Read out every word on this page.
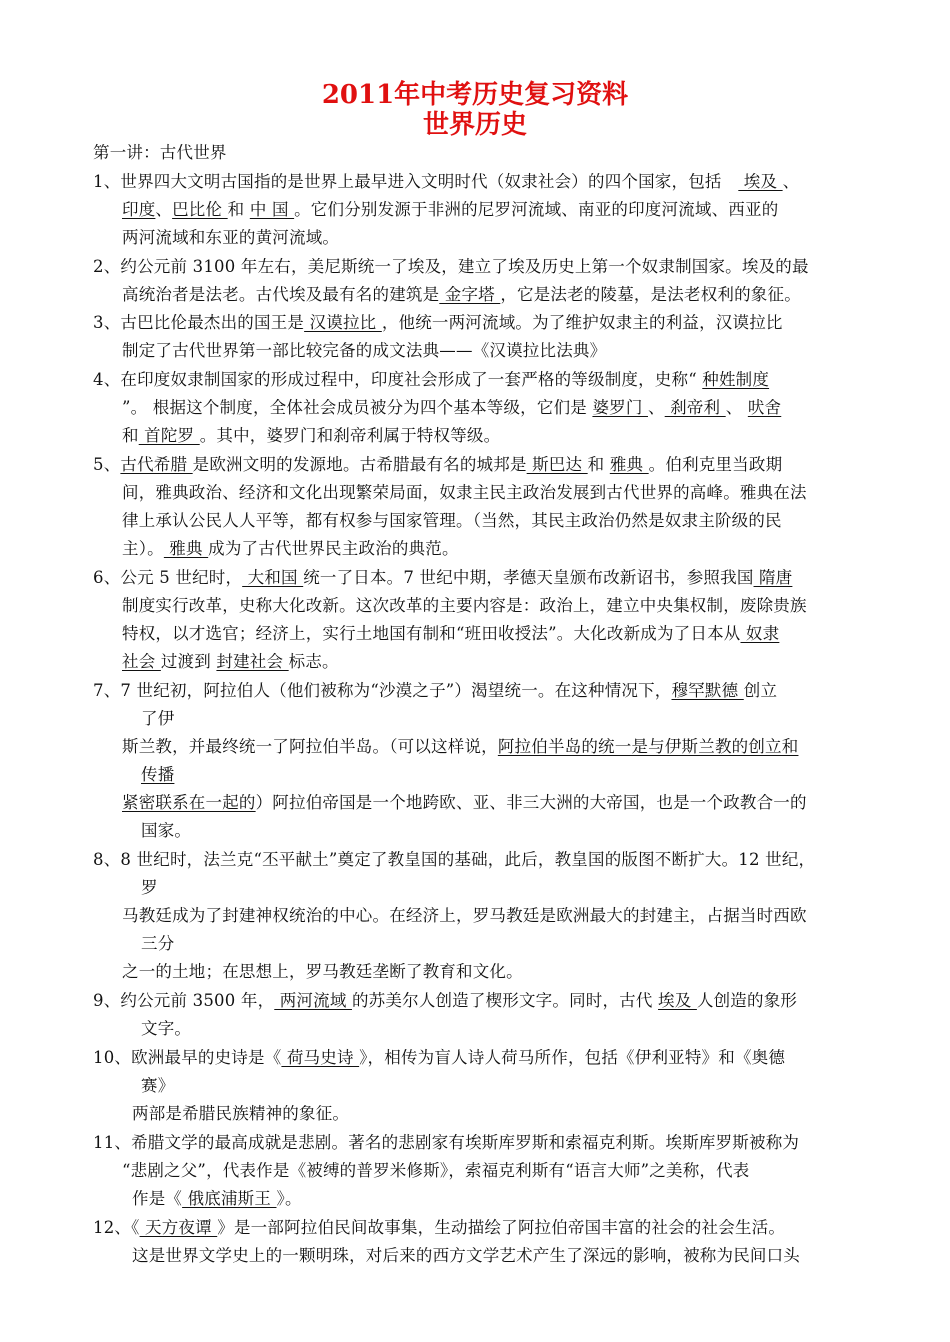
2011年中考历史复习资料
世界历史
第一讲：古代世界
1、世界四大文明古国指的是世界上最早进入文明时代（奴隶社会）的四个国家，包括　 埃及 、
印度、巴比伦 和 中 国 。它们分别发源于非洲的尼罗河流域、南亚的印度河流域、西亚的
两河流域和东亚的黄河流域。
2、约公元前 3100 年左右，美尼斯统一了埃及，建立了埃及历史上第一个奴隶制国家。埃及的最
高统治者是法老。古代埃及最有名的建筑是 金字塔 ，它是法老的陵墓，是法老权利的象征。
3、古巴比伦最杰出的国王是 汉谟拉比 ，他统一两河流域。为了维护奴隶主的利益，汉谟拉比
制定了古代世界第一部比较完备的成文法典——《汉谟拉比法典》
4、在印度奴隶制国家的形成过程中，印度社会形成了一套严格的等级制度，史称“ 种姓制度
”。 根据这个制度，全体社会成员被分为四个基本等级，它们是 婆罗门 、 刹帝利 、 吠舍
和 首陀罗 。其中，婆罗门和刹帝利属于特权等级。
5、古代希腊 是欧洲文明的发源地。古希腊最有名的城邦是 斯巴达 和 雅典 。伯利克里当政期
间，雅典政治、经济和文化出现繁荣局面，奴隶主民主政治发展到古代世界的高峰。雅典在法
律上承认公民人人平等，都有权参与国家管理。（当然，其民主政治仍然是奴隶主阶级的民
主）。 雅典 成为了古代世界民主政治的典范。
6、公元 5 世纪时， 大和国 统一了日本。7 世纪中期，孝德天皇颁布改新诏书，参照我国 隋唐
制度实行改革，史称大化改新。这次改革的主要内容是：政治上，建立中央集权制，废除贵族
特权，以才选官；经济上，实行土地国有制和“班田收授法”。大化改新成为了日本从 奴隶
社会 过渡到 封建社会 标志。
7、7 世纪初，阿拉伯人（他们被称为“沙漠之子”）渴望统一。在这种情况下，穆罕默德 创立
了伊
斯兰教，并最终统一了阿拉伯半岛。（可以这样说，阿拉伯半岛的统一是与伊斯兰教的创立和
传播
紧密联系在一起的）阿拉伯帝国是一个地跨欧、亚、非三大洲的大帝国，也是一个政教合一的
国家。
8、8 世纪时，法兰克“丕平献土”奠定了教皇国的基础，此后，教皇国的版图不断扩大。12 世纪，
罗
马教廷成为了封建神权统治的中心。在经济上，罗马教廷是欧洲最大的封建主，占据当时西欧
三分
之一的土地；在思想上，罗马教廷垄断了教育和文化。
9、约公元前 3500 年， 两河流域 的苏美尔人创造了楔形文字。同时，古代 埃及 人创造的象形
文字。
10、欧洲最早的史诗是《 荷马史诗 》，相传为盲人诗人荷马所作，包括《伊利亚特》和《奥德
赛》
两部是希腊民族精神的象征。
11、希腊文学的最高成就是悲剧。著名的悲剧家有埃斯库罗斯和索福克利斯。埃斯库罗斯被称为
“悲剧之父”，代表作是《被缚的普罗米修斯》，索福克利斯有“语言大师”之美称，代表
作是《 俄底浦斯王 》。
12、《 天方夜谭 》是一部阿拉伯民间故事集，生动描绘了阿拉伯帝国丰富的社会的社会生活。
这是世界文学史上的一颗明珠，对后来的西方文学艺术产生了深远的影响，被称为民间口头
